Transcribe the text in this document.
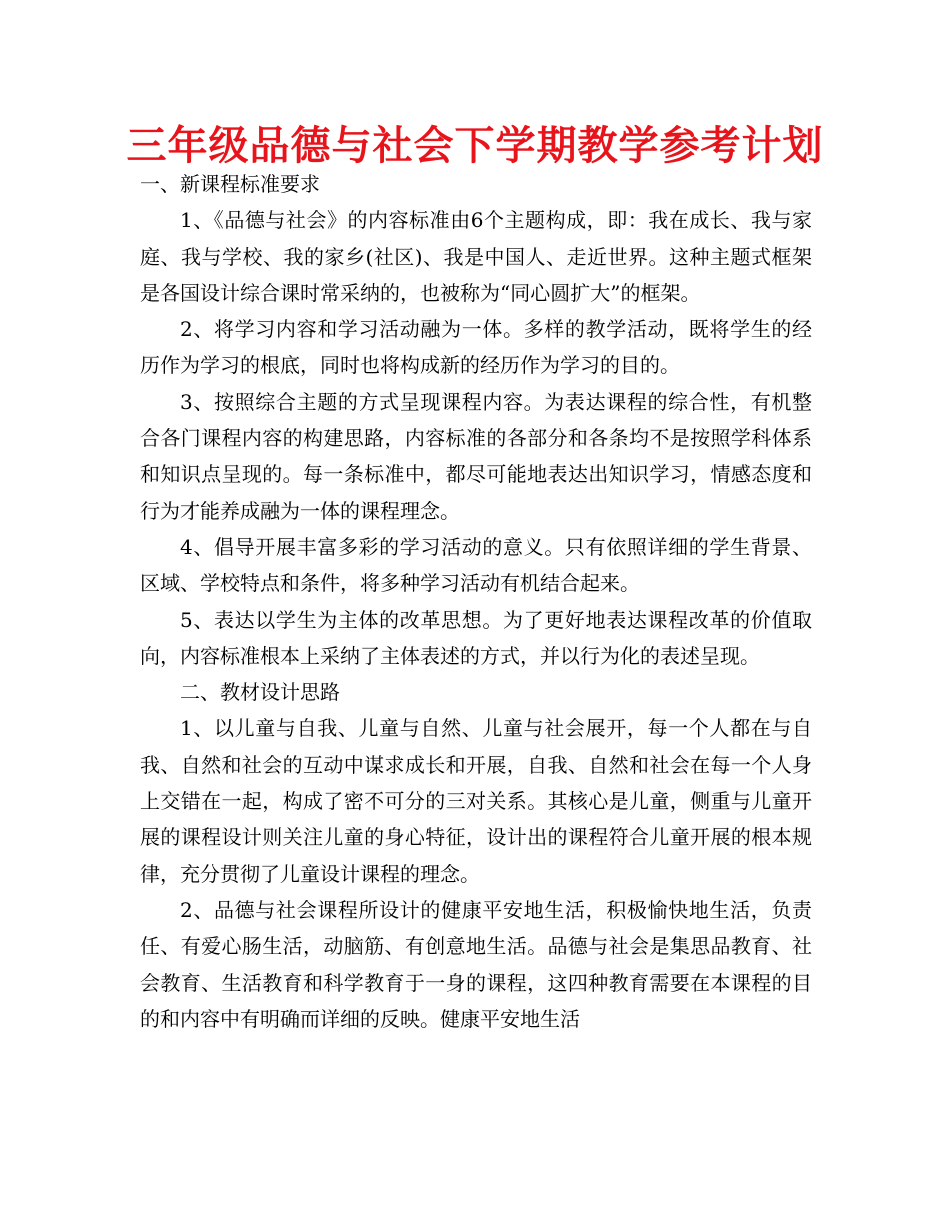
三年级品德与社会下学期教学参考计划

一、新课程标准要求

1、《品德与社会》的内容标准由6个主题构成，即：我在成长、我与家庭、我与学校、我的家乡(社区)、我是中国人、走近世界。这种主题式框架是各国设计综合课时常采纳的，也被称为“同心圆扩大”的框架。

2、将学习内容和学习活动融为一体。多样的教学活动，既将学生的经历作为学习的根底，同时也将构成新的经历作为学习的目的。

3、按照综合主题的方式呈现课程内容。为表达课程的综合性，有机整合各门课程内容的构建思路，内容标准的各部分和各条均不是按照学科体系和知识点呈现的。每一条标准中，都尽可能地表达出知识学习，情感态度和行为才能养成融为一体的课程理念。

4、倡导开展丰富多彩的学习活动的意义。只有依照详细的学生背景、区域、学校特点和条件，将多种学习活动有机结合起来。

5、表达以学生为主体的改革思想。为了更好地表达课程改革的价值取向，内容标准根本上采纳了主体表述的方式，并以行为化的表述呈现。

二、教材设计思路

1、以儿童与自我、儿童与自然、儿童与社会展开，每一个人都在与自我、自然和社会的互动中谋求成长和开展，自我、自然和社会在每一个人身上交错在一起，构成了密不可分的三对关系。其核心是儿童，侧重与儿童开展的课程设计则关注儿童的身心特征，设计出的课程符合儿童开展的根本规律，充分贯彻了儿童设计课程的理念。

2、品德与社会课程所设计的健康平安地生活，积极愉快地生活，负责任、有爱心肠生活，动脑筋、有创意地生活。品德与社会是集思品教育、社会教育、生活教育和科学教育于一身的课程，这四种教育需要在本课程的目的和内容中有明确而详细的反映。健康平安地生活
